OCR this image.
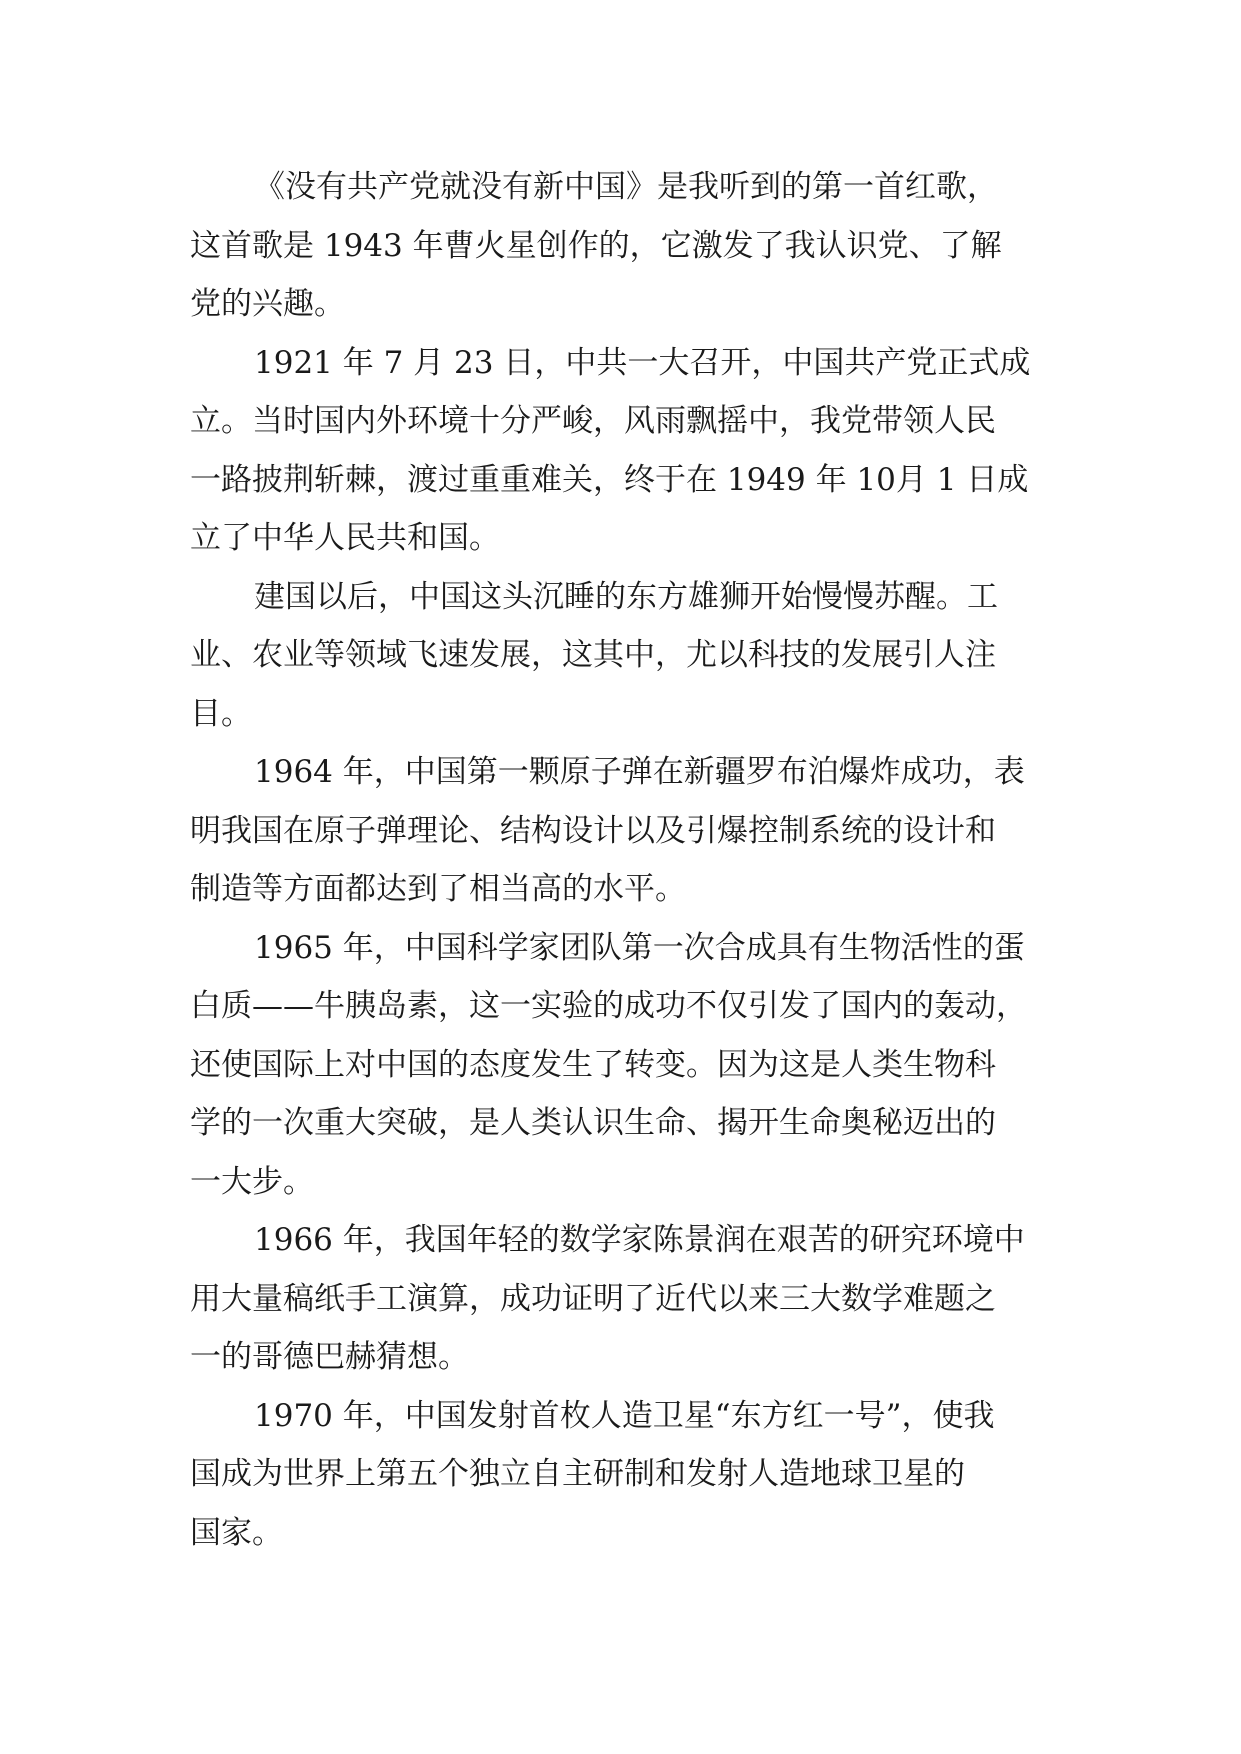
《没有共产党就没有新中国》是我听到的第一首红歌，
这首歌是 1943 年曹火星创作的，它激发了我认识党、了解
党的兴趣。
1921 年 7 月 23 日，中共一大召开，中国共产党正式成
立。当时国内外环境十分严峻，风雨飘摇中，我党带领人民
一路披荆斩棘，渡过重重难关，终于在 1949 年 10月 1 日成
立了中华人民共和国。
建国以后，中国这头沉睡的东方雄狮开始慢慢苏醒。工
业、农业等领域飞速发展，这其中，尤以科技的发展引人注
目。
1964 年，中国第一颗原子弹在新疆罗布泊爆炸成功，表
明我国在原子弹理论、结构设计以及引爆控制系统的设计和
制造等方面都达到了相当高的水平。
1965 年，中国科学家团队第一次合成具有生物活性的蛋
白质——牛胰岛素，这一实验的成功不仅引发了国内的轰动，
还使国际上对中国的态度发生了转变。因为这是人类生物科
学的一次重大突破，是人类认识生命、揭开生命奥秘迈出的
一大步。
1966 年，我国年轻的数学家陈景润在艰苦的研究环境中
用大量稿纸手工演算，成功证明了近代以来三大数学难题之
一的哥德巴赫猜想。
1970 年，中国发射首枚人造卫星“东方红一号”，使我
国成为世界上第五个独立自主研制和发射人造地球卫星的
国家。
